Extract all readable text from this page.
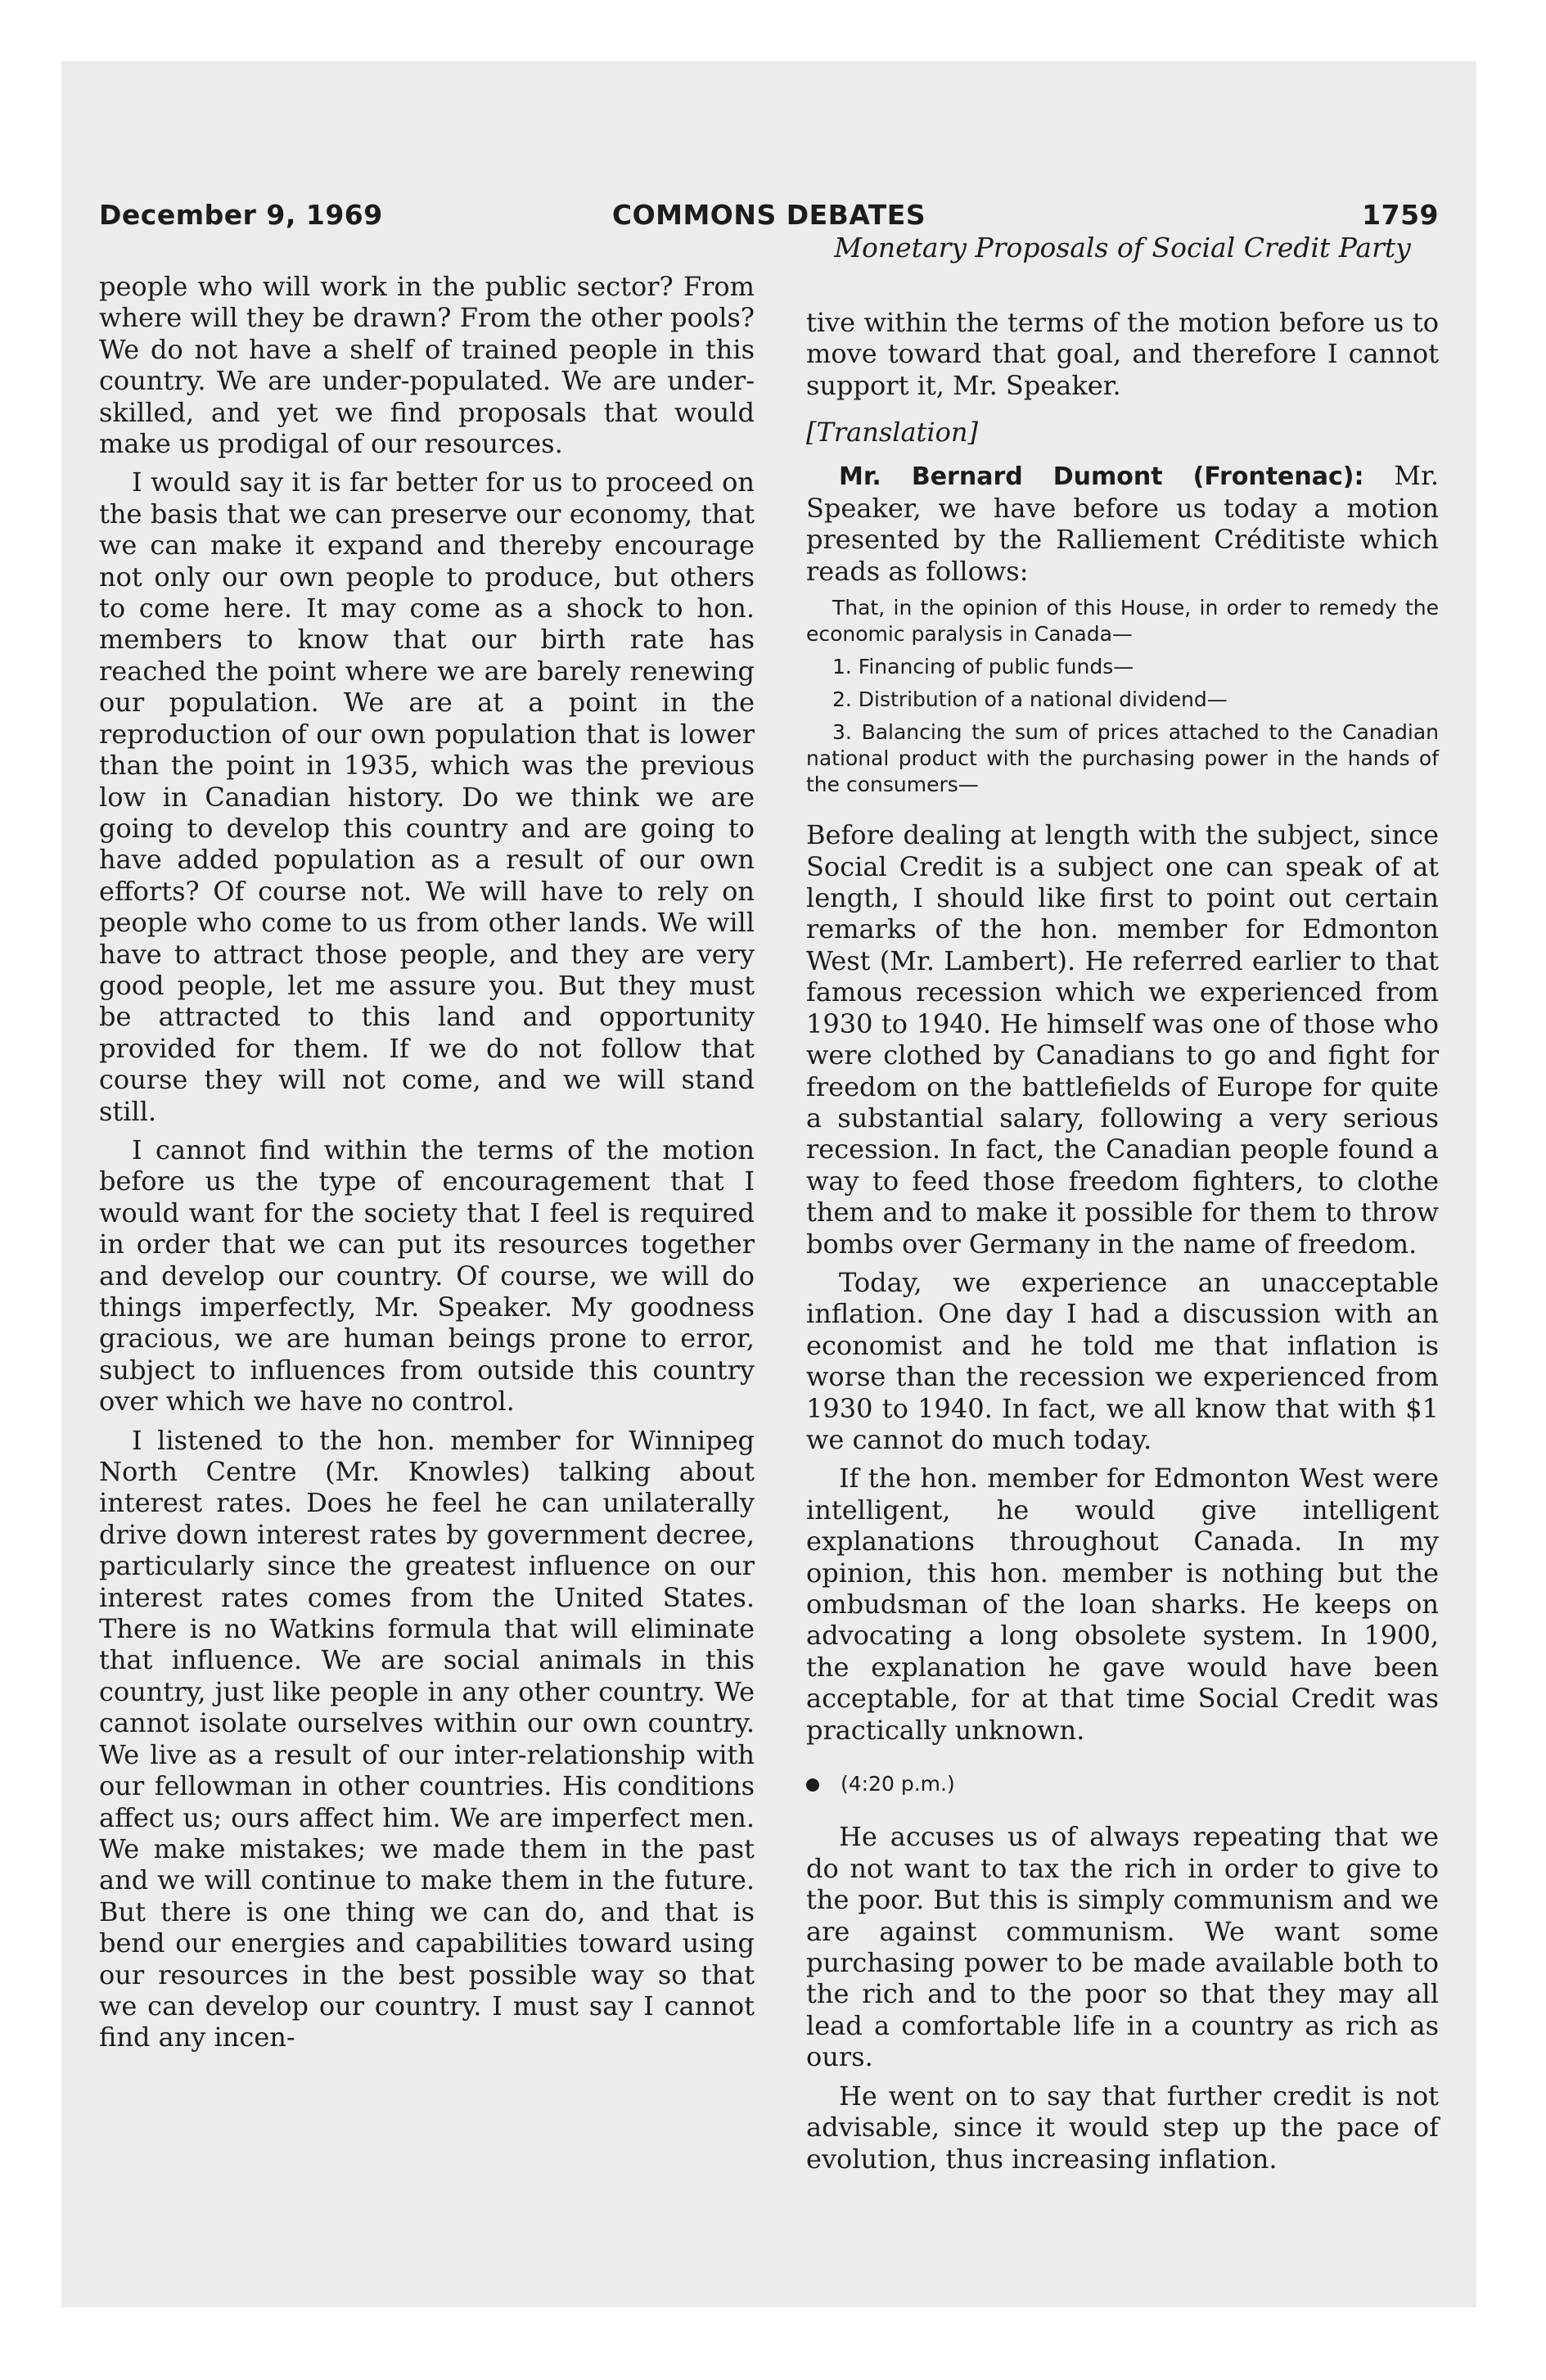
COMMONS DEBATES
December 9, 1969	1759
Monetary Proposals of Social Credit Party

people who will work in the public sector? From where will they be drawn? From the other pools? We do not have a shelf of trained people in this country. We are under-populated. We are under-skilled, and yet we find proposals that would make us prodigal of our resources.

I would say it is far better for us to proceed on the basis that we can preserve our economy, that we can make it expand and thereby encourage not only our own people to produce, but others to come here. It may come as a shock to hon. members to know that our birth rate has reached the point where we are barely renewing our population. We are at a point in the reproduction of our own population that is lower than the point in 1935, which was the previous low in Canadian history. Do we think we are going to develop this country and are going to have added population as a result of our own efforts? Of course not. We will have to rely on people who come to us from other lands. We will have to attract those people, and they are very good people, let me assure you. But they must be attracted to this land and opportunity provided for them. If we do not follow that course they will not come, and we will stand still.

I cannot find within the terms of the motion before us the type of encouragement that I would want for the society that I feel is required in order that we can put its resources together and develop our country. Of course, we will do things imperfectly, Mr. Speaker. My goodness gracious, we are human beings prone to error, subject to influences from outside this country over which we have no control.

I listened to the hon. member for Winnipeg North Centre (Mr. Knowles) talking about interest rates. Does he feel he can unilaterally drive down interest rates by government decree, particularly since the greatest influence on our interest rates comes from the United States. There is no Watkins formula that will eliminate that influence. We are social animals in this country, just like people in any other country. We cannot isolate ourselves within our own country. We live as a result of our inter-relationship with our fellowman in other countries. His conditions affect us; ours affect him. We are imperfect men. We make mistakes; we made them in the past and we will continue to make them in the future. But there is one thing we can do, and that is bend our energies and capabilities toward using our resources in the best possible way so that we can develop our country. I must say I cannot find any incen-

tive within the terms of the motion before us to move toward that goal, and therefore I cannot support it, Mr. Speaker.

[Translation]

Mr. Bernard Dumont (Frontenac): Mr. Speaker, we have before us today a motion presented by the Ralliement Créditiste which reads as follows:

That, in the opinion of this House, in order to remedy the economic paralysis in Canada—
1. Financing of public funds—
2. Distribution of a national dividend—
3. Balancing the sum of prices attached to the Canadian national product with the purchasing power in the hands of the consumers—

Before dealing at length with the subject, since Social Credit is a subject one can speak of at length, I should like first to point out certain remarks of the hon. member for Edmonton West (Mr. Lambert). He referred earlier to that famous recession which we experienced from 1930 to 1940. He himself was one of those who were clothed by Canadians to go and fight for freedom on the battlefields of Europe for quite a substantial salary, following a very serious recession. In fact, the Canadian people found a way to feed those freedom fighters, to clothe them and to make it possible for them to throw bombs over Germany in the name of freedom.

Today, we experience an unacceptable inflation. One day I had a discussion with an economist and he told me that inflation is worse than the recession we experienced from 1930 to 1940. In fact, we all know that with $1 we cannot do much today.

If the hon. member for Edmonton West were intelligent, he would give intelligent explanations throughout Canada. In my opinion, this hon. member is nothing but the ombudsman of the loan sharks. He keeps on advocating a long obsolete system. In 1900, the explanation he gave would have been acceptable, for at that time Social Credit was practically unknown.

(4:20 p.m.)

He accuses us of always repeating that we do not want to tax the rich in order to give to the poor. But this is simply communism and we are against communism. We want some purchasing power to be made available both to the rich and to the poor so that they may all lead a comfortable life in a country as rich as ours.

He went on to say that further credit is not advisable, since it would step up the pace of evolution, thus increasing inflation.
